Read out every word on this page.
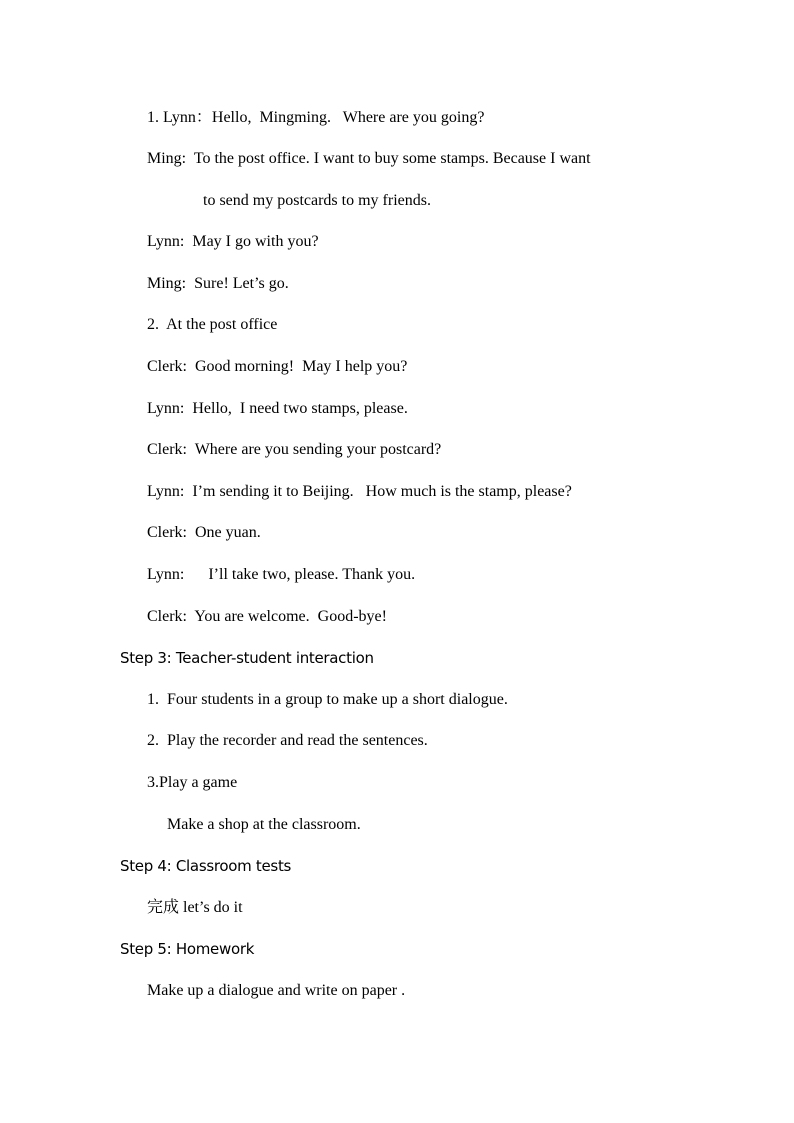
1. Lynn：Hello,  Mingming.   Where are you going?
Ming:  To the post office. I want to buy some stamps. Because I want
to send my postcards to my friends.
Lynn:  May I go with you?
Ming:  Sure! Let’s go.
2.  At the post office
Clerk:  Good morning!  May I help you?
Lynn:  Hello,  I need two stamps, please.
Clerk:  Where are you sending your postcard?
Lynn:  I’m sending it to Beijing.   How much is the stamp, please?
Clerk:  One yuan.
Lynn:      I’ll take two, please. Thank you.
Clerk:  You are welcome.  Good-bye!
Step 3: Teacher-student interaction
1.  Four students in a group to make up a short dialogue.
2.  Play the recorder and read the sentences.
3.Play a game
Make a shop at the classroom.
Step 4: Classroom tests
完成 let’s do it
Step 5: Homework
Make up a dialogue and write on paper .
